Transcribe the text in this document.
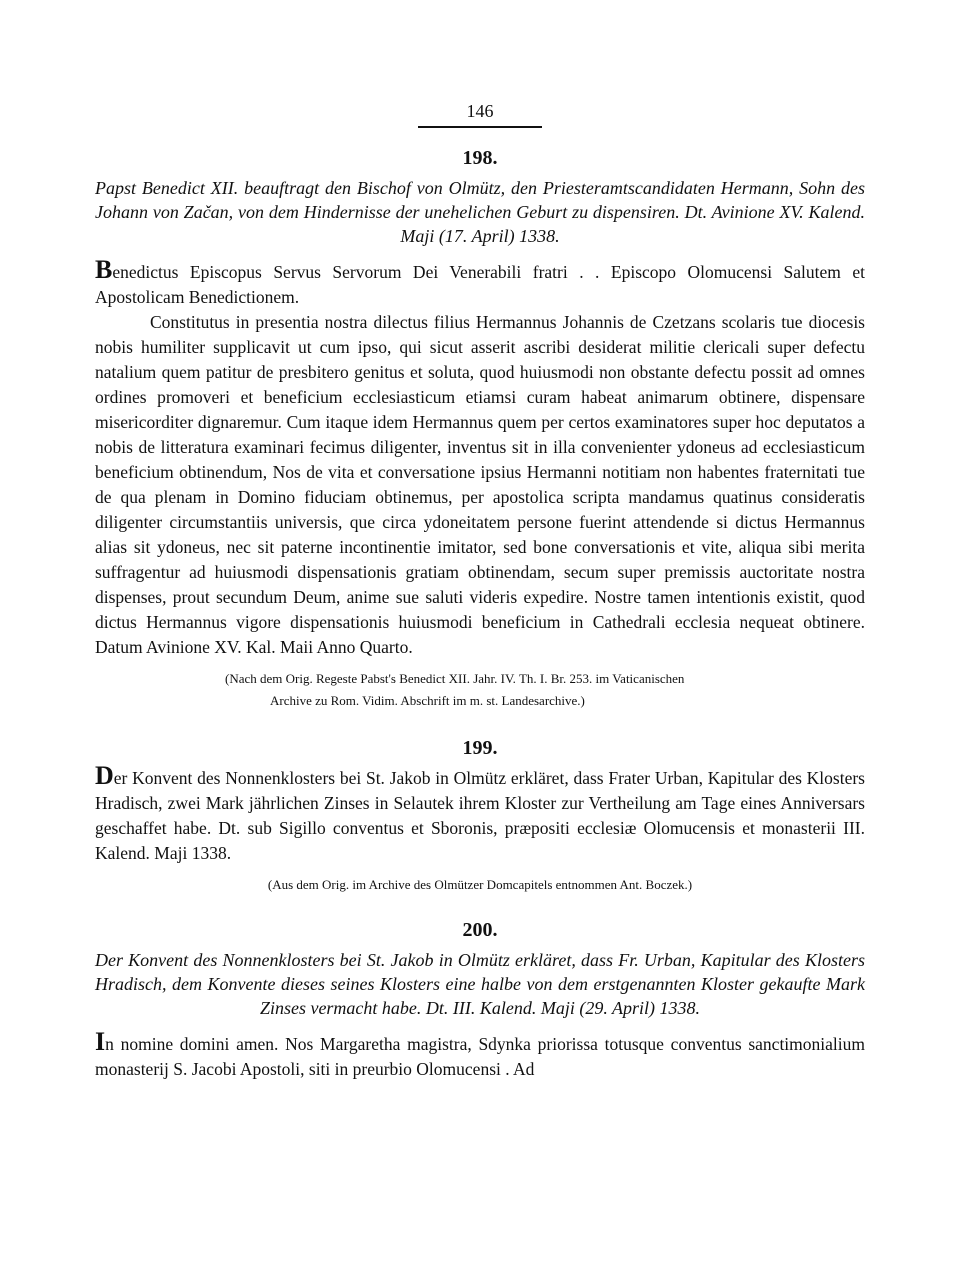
146
198.
Papst Benedict XII. beauftragt den Bischof von Olmütz, den Priesteramtscandidaten Hermann, Sohn des Johann von Začan, von dem Hindernisse der unehelichen Geburt zu dispensiren. Dt. Avinione XV. Kalend. Maji (17. April) 1338.

Benedictus Episcopus Servus Servorum Dei Venerabili fratri . . Episcopo Olomucensi Salutem et Apostolicam Benedictionem.

Constitutus in presentia nostra dilectus filius Hermannus Johannis de Czetzans scolaris tue diocesis nobis humiliter supplicavit ut cum ipso, qui sicut asserit ascribi desiderat militie clericali super defectu natalium quem patitur de presbitero genitus et soluta, quod huiusmodi non obstante defectu possit ad omnes ordines promoveri et beneficium ecclesiasticum etiamsi curam habeat animarum obtinere, dispensare misericorditer dignaremur. Cum itaque idem Hermannus quem per certos examinatores super hoc deputatos a nobis de litteratura examinari fecimus diligenter, inventus sit in illa convenienter ydoneus ad ecclesiasticum beneficium obtinendum, Nos de vita et conversatione ipsius Hermanni notitiam non habentes fraternitati tue de qua plenam in Domino fiduciam obtinemus, per apostolica scripta mandamus quatinus consideratis diligenter circumstantiis universis, que circa ydoneitatem persone fuerint attendende si dictus Hermannus alias sit ydoneus, nec sit paterne incontinentie imitator, sed bone conversationis et vite, aliqua sibi merita suffragentur ad huiusmodi dispensationis gratiam obtinendam, secum super premissis auctoritate nostra dispenses, prout secundum Deum, anime sue saluti videris expedire. Nostre tamen intentionis existit, quod dictus Hermannus vigore dispensationis huiusmodi beneficium in Cathedrali ecclesia nequeat obtinere. Datum Avinione XV. Kal. Maii Anno Quarto.

(Nach dem Orig. Regeste Pabst's Benedict XII. Jahr. IV. Th. I. Br. 253. im Vaticanischen
Archive zu Rom. Vidim. Abschrift im m. st. Landesarchive.)
199.

Der Konvent des Nonnenklosters bei St. Jakob in Olmütz erkläret, dass Frater Urban, Kapitular des Klosters Hradisch, zwei Mark jährlichen Zinses in Selautek ihrem Kloster zur Vertheilung am Tage eines Anniversars geschaffet habe. Dt. sub Sigillo conventus et Sboronis, præpositi ecclesiæ Olomucensis et monasterii III. Kalend. Maji 1338.

(Aus dem Orig. im Archive des Olmützer Domcapitels entnommen Ant. Boczek.)
200.
Der Konvent des Nonnenklosters bei St. Jakob in Olmütz erkläret, dass Fr. Urban, Kapitular des Klosters Hradisch, dem Konvente dieses seines Klosters eine halbe von dem erstgenannten Kloster gekaufte Mark Zinses vermacht habe. Dt. III. Kalend. Maji (29. April) 1338.

In nomine domini amen. Nos Margaretha magistra, Sdynka priorissa totusque conventus sanctimonialium monasterij S. Jacobi Apostoli, siti in preurbio Olomucensi . Ad
